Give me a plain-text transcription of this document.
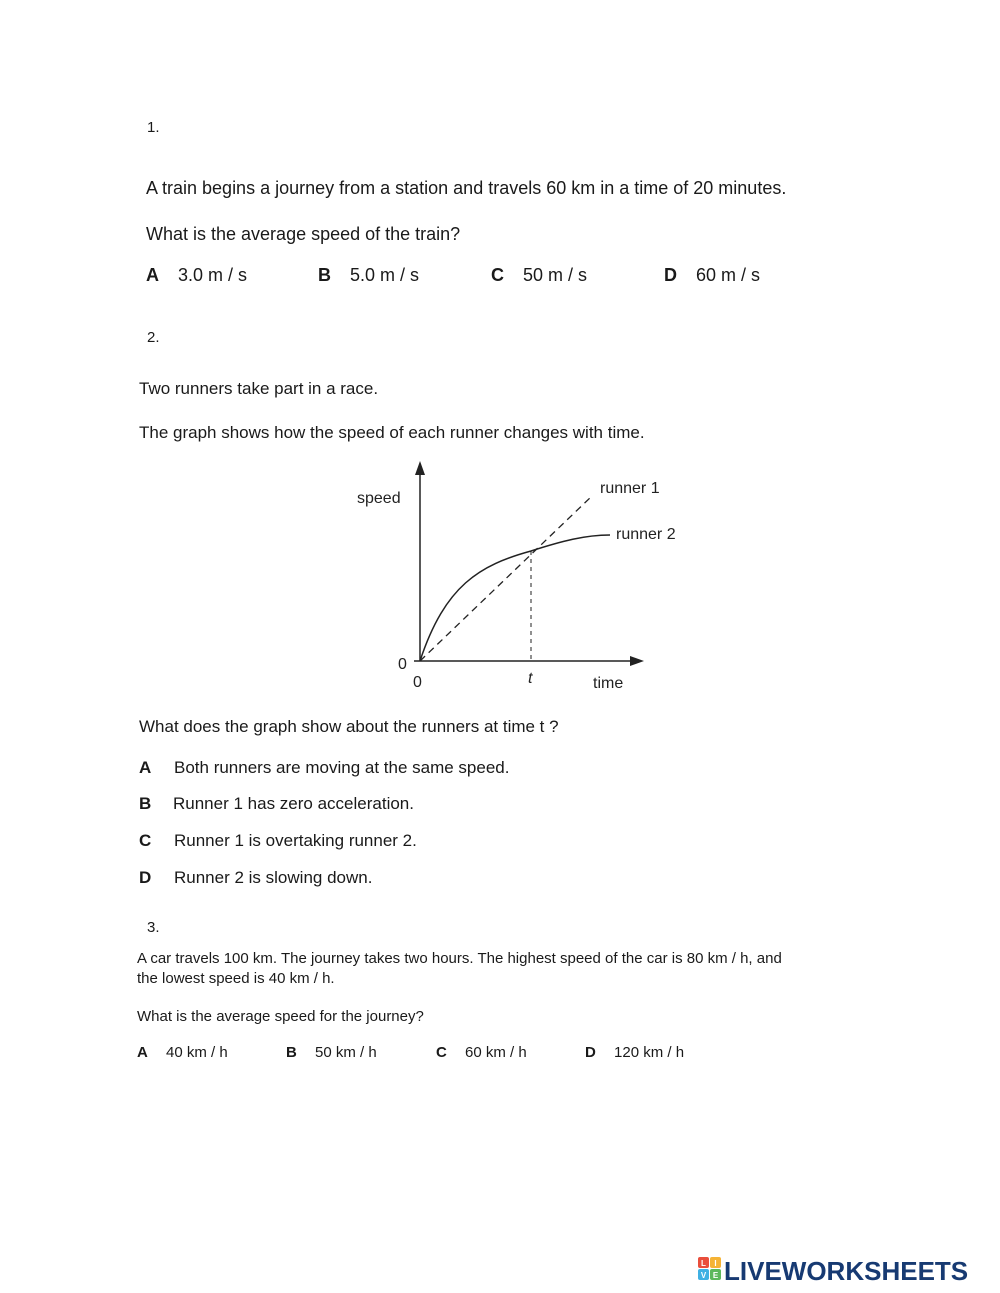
1.
A train begins a journey from a station and travels 60 km in a time of 20 minutes.
What is the average speed of the train?
A 3.0 m / s	B 5.0 m / s	C 50 m / s	D 60 m / s
2.
Two runners take part in a race.
The graph shows how the speed of each runner changes with time.
speed
0
0	t	time
runner 1
runner 2
What does the graph show about the runners at time t ?
A Both runners are moving at the same speed.
B Runner 1 has zero acceleration.
C Runner 1 is overtaking runner 2.
D Runner 2 is slowing down.
3.
A car travels 100 km. The journey takes two hours. The highest speed of the car is 80 km / h, and
the lowest speed is 40 km / h.
What is the average speed for the journey?
A 40 km / h	B 50 km / h	C 60 km / h	D 120 km / h
L I
V E LIVEWORKSHEETS
